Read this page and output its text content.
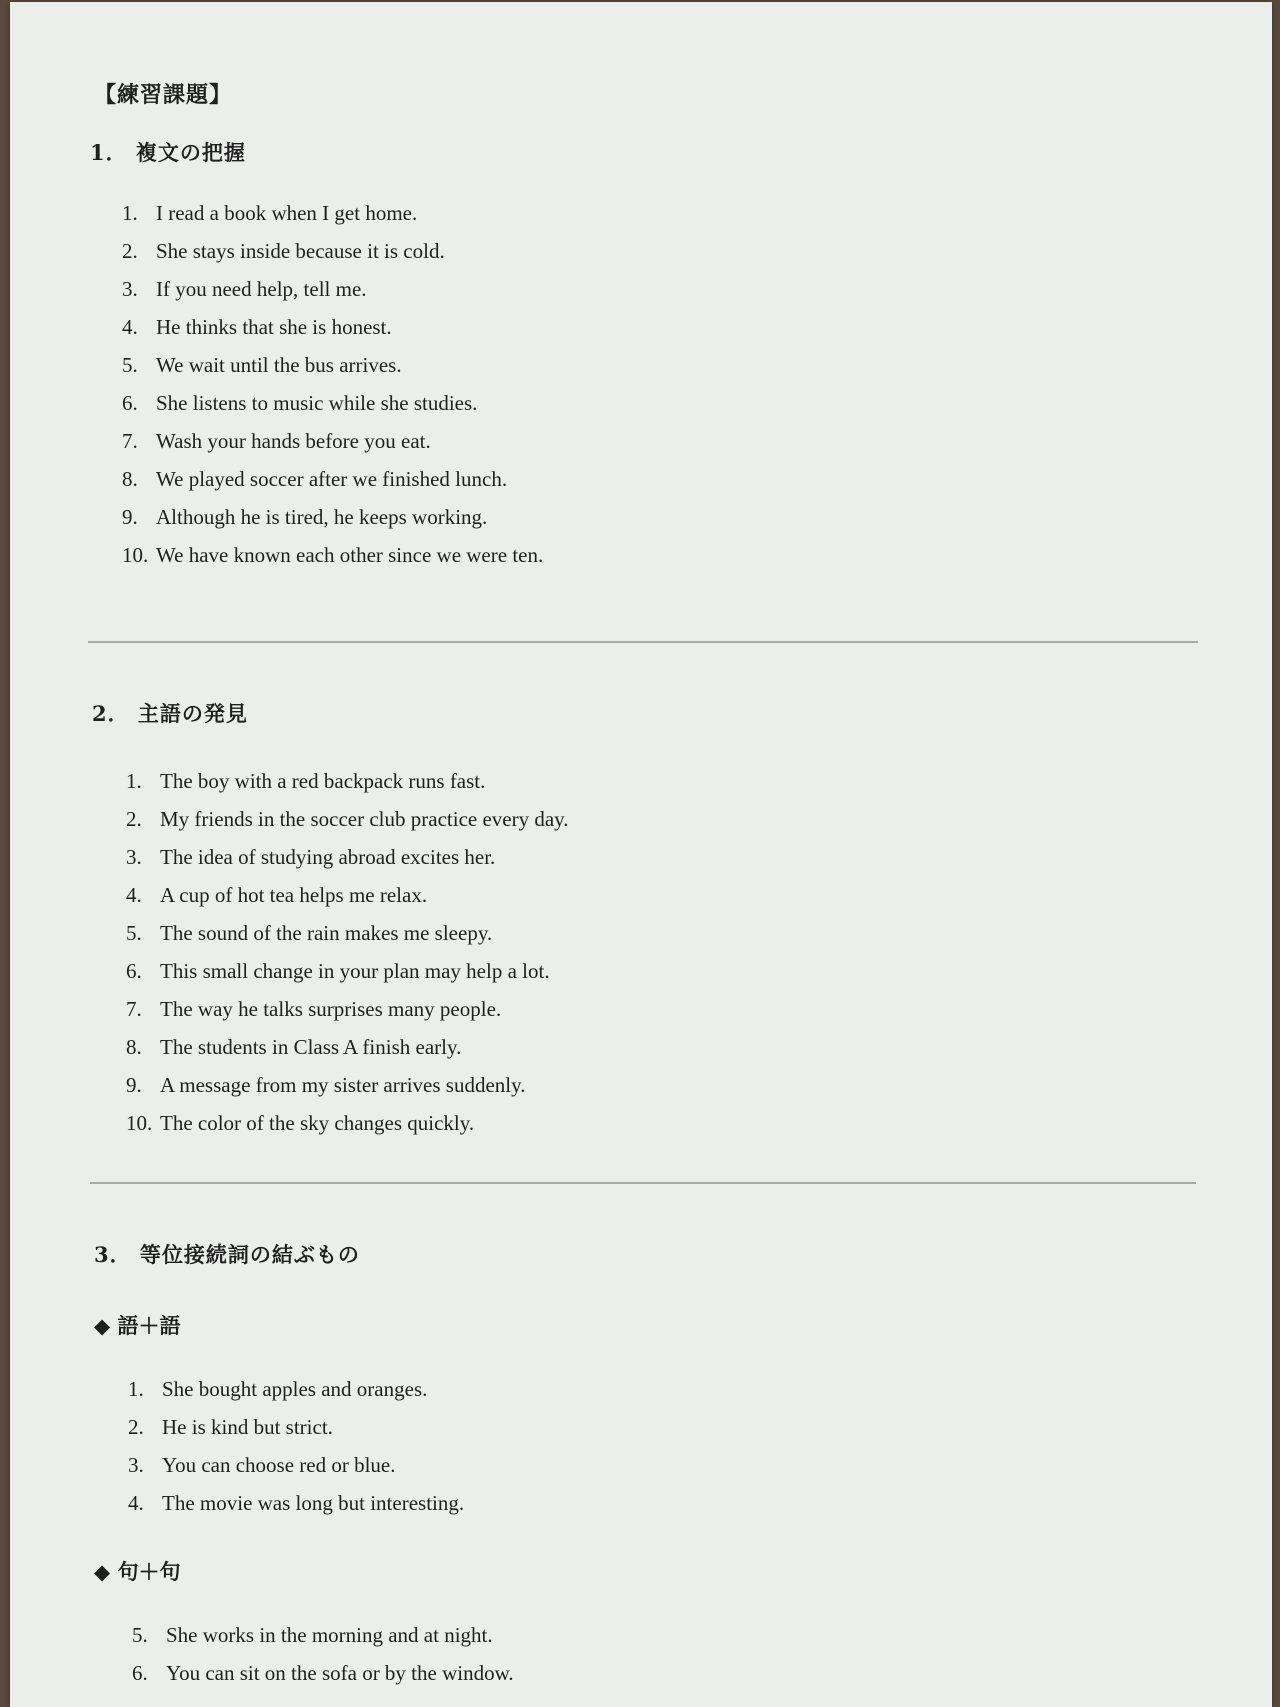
【練習課題】
1． 複文の把握
1. I read a book when I get home.
2. She stays inside because it is cold.
3. If you need help, tell me.
4. He thinks that she is honest.
5. We wait until the bus arrives.
6. She listens to music while she studies.
7. Wash your hands before you eat.
8. We played soccer after we finished lunch.
9. Although he is tired, he keeps working.
10. We have known each other since we were ten.
2． 主語の発見
1. The boy with a red backpack runs fast.
2. My friends in the soccer club practice every day.
3. The idea of studying abroad excites her.
4. A cup of hot tea helps me relax.
5. The sound of the rain makes me sleepy.
6. This small change in your plan may help a lot.
7. The way he talks surprises many people.
8. The students in Class A finish early.
9. A message from my sister arrives suddenly.
10. The color of the sky changes quickly.
3． 等位接続詞の結ぶもの
◆ 語＋語
1. She bought apples and oranges.
2. He is kind but strict.
3. You can choose red or blue.
4. The movie was long but interesting.
◆ 句＋句
5. She works in the morning and at night.
6. You can sit on the sofa or by the window.
